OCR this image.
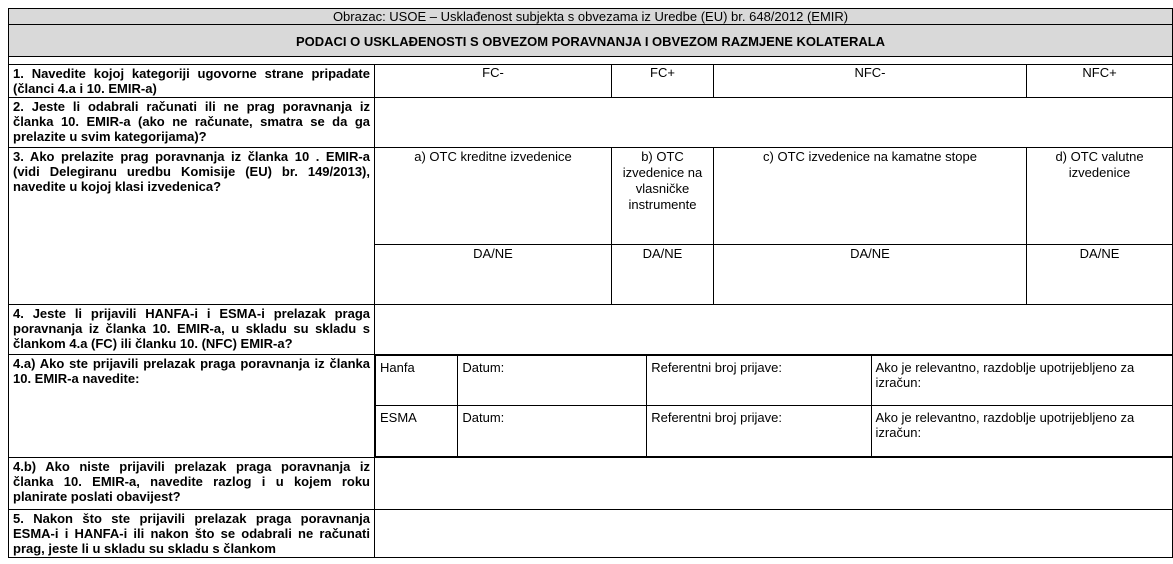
Obrazac: USOE – Usklađenost subjekta s obvezama iz Uredbe (EU) br. 648/2012 (EMIR)
PODACI O USKLAĐENOSTI S OBVEZOM PORAVNANJA I OBVEZOM RAZMJENE KOLATERALA

1. Navedite kojoj kategoriji ugovorne strane pripadate (članci 4.a i 10. EMIR-a)	FC-	FC+	NFC-	NFC+
2. Jeste li odabrali računati ili ne prag poravnanja iz članka 10. EMIR-a (ako ne računate, smatra se da ga prelazite u svim kategorijama)?	
3. Ako prelazite prag poravnanja iz članka 10 . EMIR-a (vidi Delegiranu uredbu Komisije (EU) br. 149/2013), navedite u kojoj klasi izvedenica?	a) OTC kreditne izvedenice	b) OTC izvedenice na vlasničke instrumente	c) OTC izvedenice na kamatne stope	d) OTC valutne izvedenice
DA/NE	DA/NE	DA/NE	DA/NE
4. Jeste li prijavili HANFA-i i ESMA-i prelazak praga poravnanja iz članka 10. EMIR-a, u skladu su skladu s člankom 4.a (FC) ili članku 10. (NFC) EMIR-a?	
4.a) Ako ste prijavili prelazak praga poravnanja iz članka 10. EMIR-a navedite:	
Hanfa	Datum:	Referentni broj prijave:	Ako je relevantno, razdoblje upotrijebljeno za izračun:
ESMA	Datum:	Referentni broj prijave:	Ako je relevantno, razdoblje upotrijebljeno za izračun:

4.b) Ako niste prijavili prelazak praga poravnanja iz članka 10. EMIR-a, navedite razlog i u kojem roku planirate poslati obavijest?	
5. Nakon što ste prijavili prelazak praga poravnanja ESMA-i i HANFA-i ili nakon što se odabrali ne računati prag, jeste li u skladu su skladu s člankom	
